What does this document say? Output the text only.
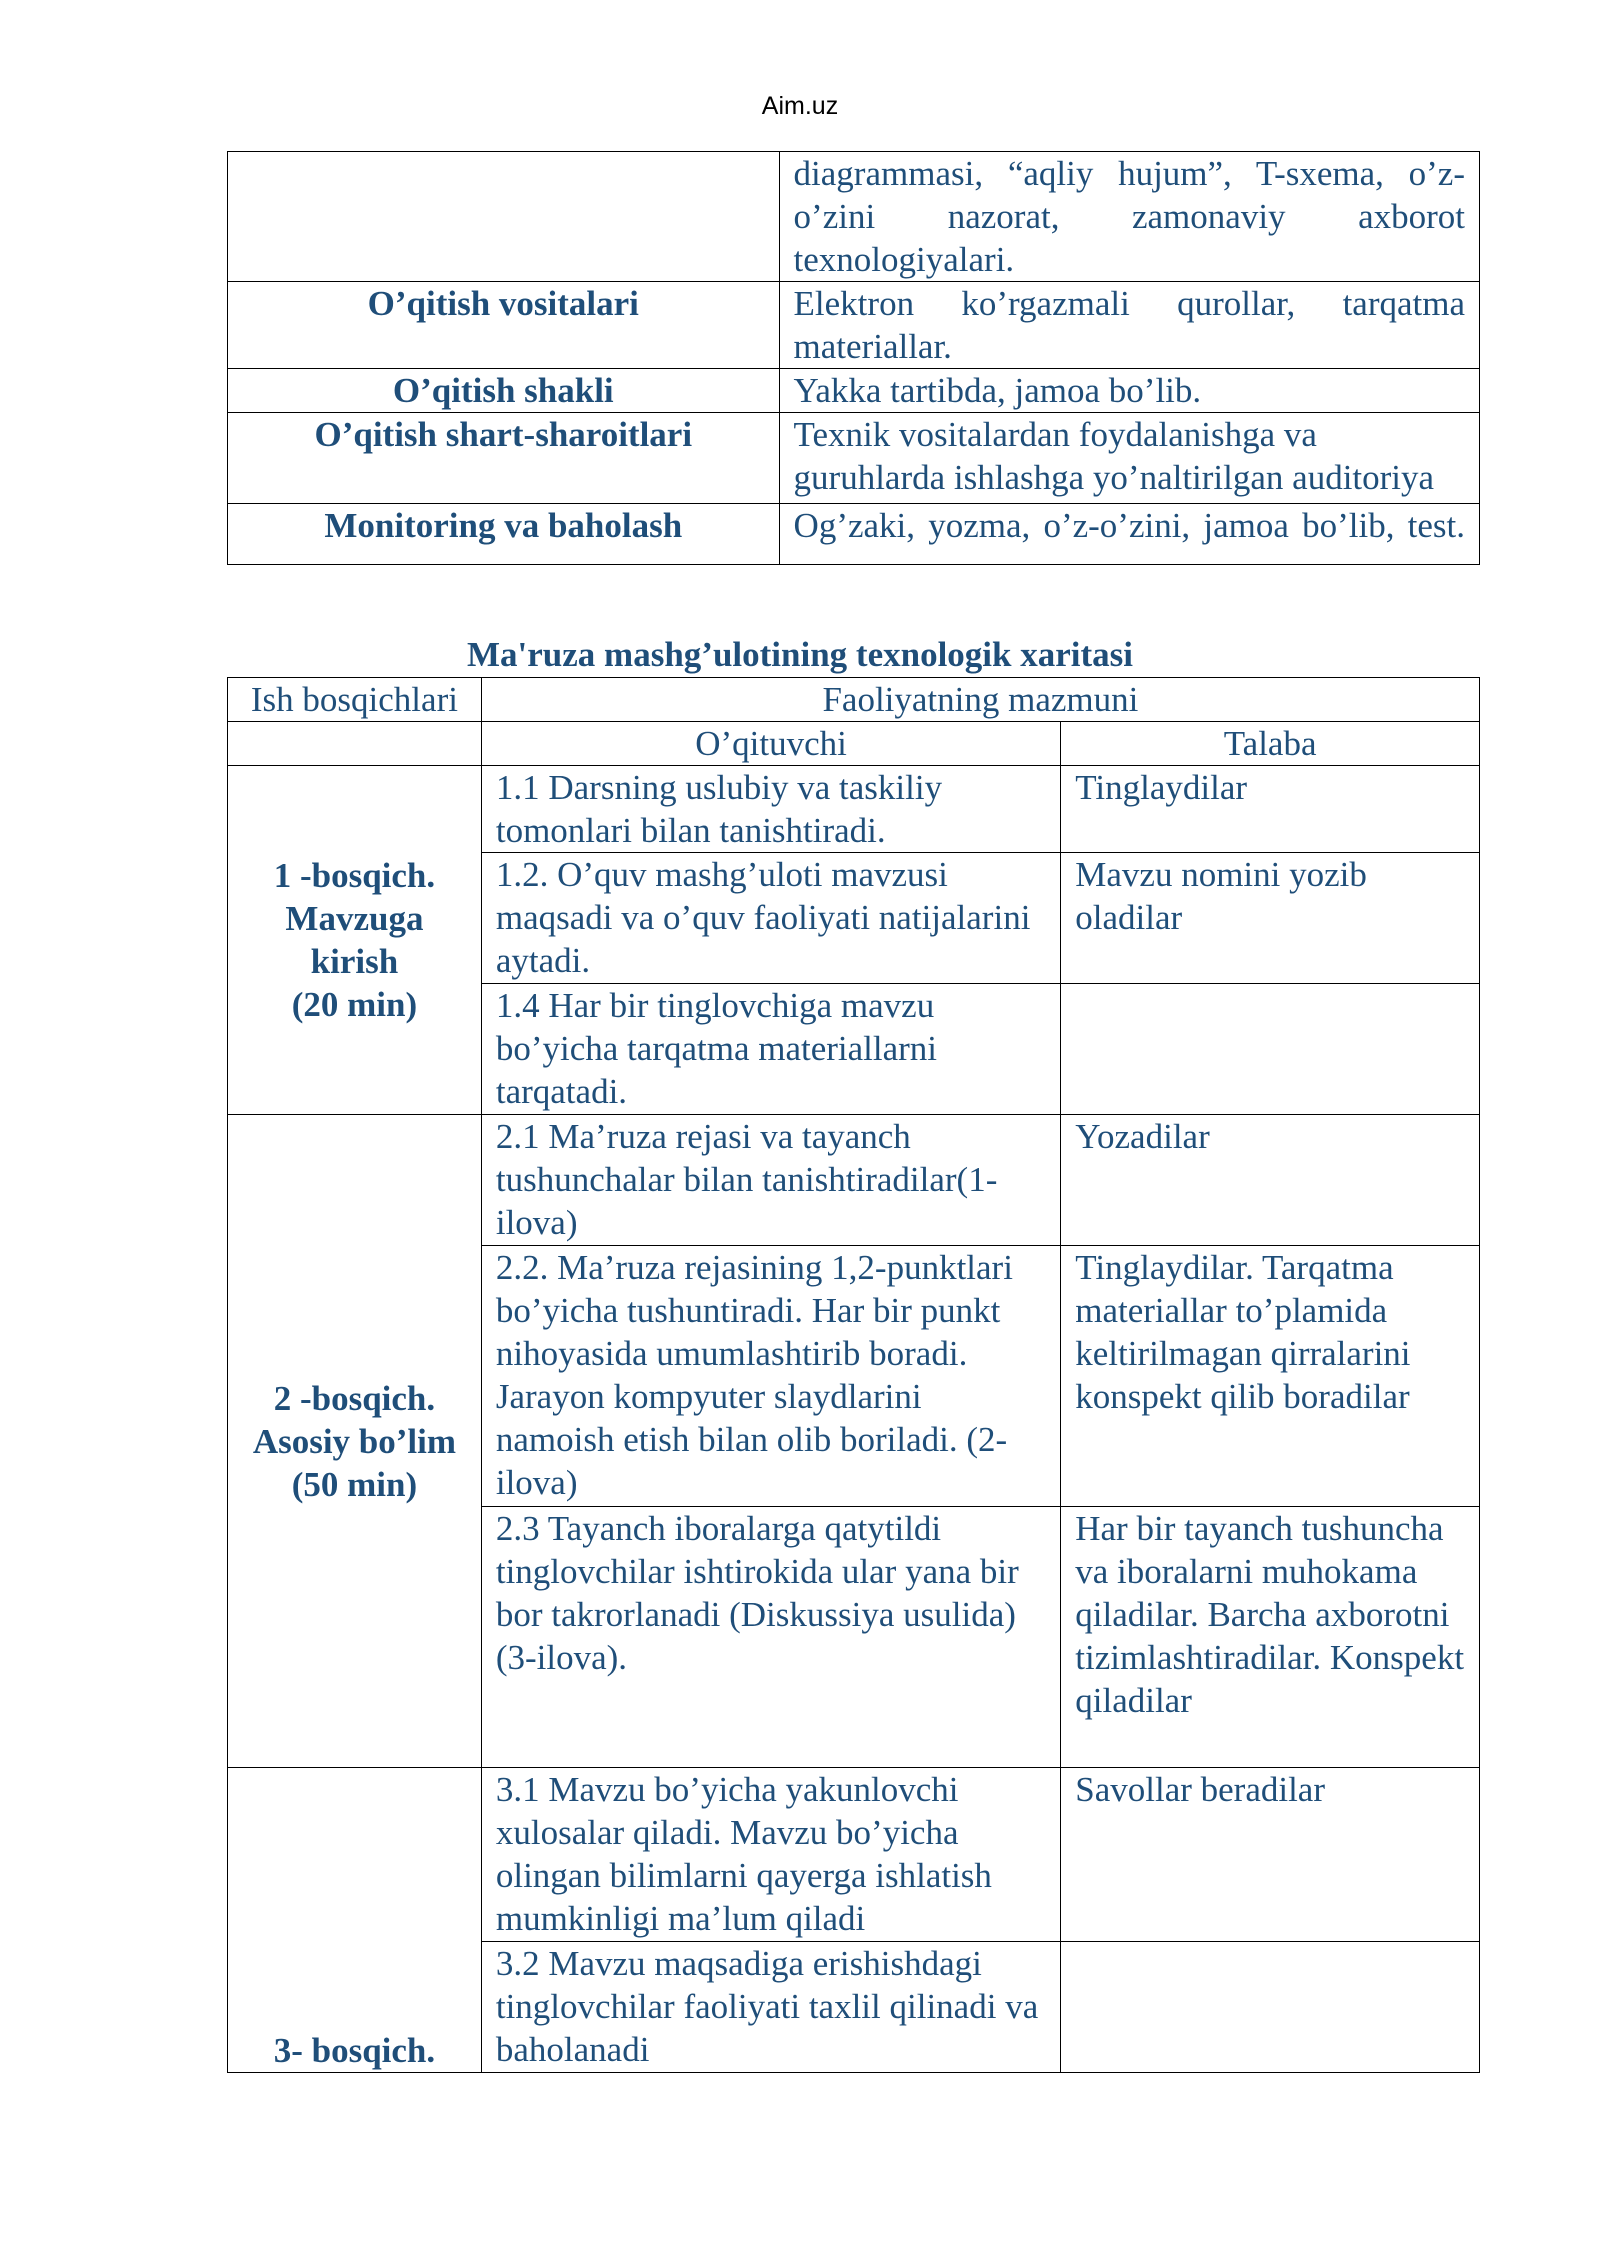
Aim.uz
	diagrammasi, “aqliy hujum”, T-sxema, o’z-o’zini nazorat, zamonaviy axborot texnologiyalari.
O’qitish vositalari	Elektron ko’rgazmali qurollar, tarqatma materiallar.
O’qitish shakli	Yakka tartibda, jamoa bo’lib.
O’qitish shart-sharoitlari	Texnik vositalardan foydalanishga va guruhlarda ishlashga yo’naltirilgan auditoriya
Monitoring va baholash	Og’zaki, yozma, o’z-o’zini, jamoa bo’lib, test.
Ma'ruza mashg’ulotining texnologik xaritasi
Ish bosqichlari	Faoliyatning mazmuni	
	O’qituvchi	Talaba

1 -bosqich.
Mavzuga
kirish
(20 min)	1.1 Darsning uslubiy va taskiliy tomonlari bilan tanishtiradi.	Tinglaydilar
	1.2. O’quv mashg’uloti mavzusi maqsadi va o’quv faoliyati natijalarini aytadi.	Mavzu nomini yozib oladilar
	1.4 Har bir tinglovchiga mavzu bo’yicha tarqatma materiallarni tarqatadi.	

2 -bosqich.
Asosiy bo’lim
(50 min)	2.1 Ma’ruza rejasi va tayanch tushunchalar bilan tanishtiradilar(1-ilova)	Yozadilar
	2.2. Ma’ruza rejasining 1,2-punktlari bo’yicha tushuntiradi. Har bir punkt nihoyasida umumlashtirib boradi. Jarayon kompyuter slaydlarini namoish etish bilan olib boriladi. (2-ilova)	Tinglaydilar. Tarqatma materiallar to’plamida keltirilmagan qirralarini konspekt qilib boradilar
	2.3 Tayanch iboralarga qatytildi tinglovchilar ishtirokida ular yana bir bor takrorlanadi (Diskussiya usulida) (3-ilova).	Har bir tayanch tushuncha va iboralarni muhokama qiladilar. Barcha axborotni tizimlashtiradilar. Konspekt qiladilar

3- bosqich.	3.1 Mavzu bo’yicha yakunlovchi xulosalar qiladi. Mavzu bo’yicha olingan bilimlarni qayerga ishlatish mumkinligi ma’lum qiladi	Savollar beradilar
	3.2 Mavzu maqsadiga erishishdagi tinglovchilar faoliyati taxlil qilinadi va baholanadi	
